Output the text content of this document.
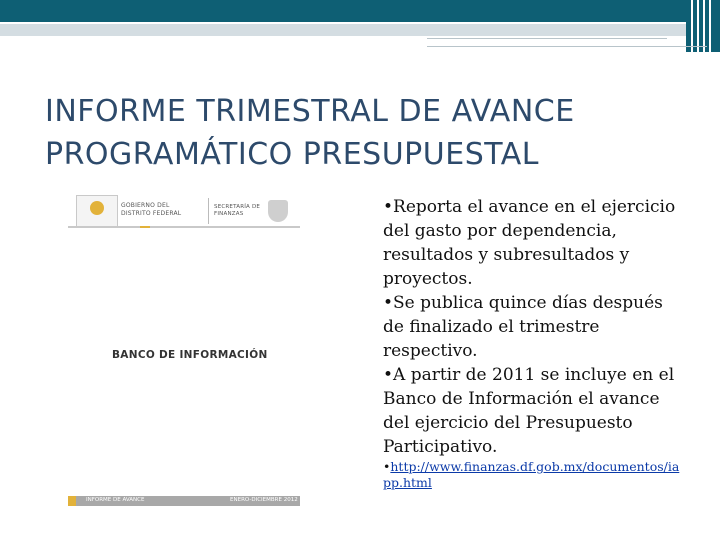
INFORME TRIMESTRAL DE AVANCE
PROGRAMÁTICO PRESUPUESTAL
GOBIERNO DEL
DISTRITO FEDERAL
SECRETARÍA DE
FINANZAS
BANCO DE INFORMACIÓN
INFORME DE AVANCE	ENERO-DICIEMBRE 2012

•Reporta el avance en el ejercicio del gasto por dependencia, resultados y subresultados y proyectos.

•Se publica quince días después de finalizado el trimestre respectivo.

•A partir de 2011 se incluye en el Banco de Información el avance del ejercicio del Presupuesto Participativo.

•http://www.finanzas.df.gob.mx/documentos/iapp.html
